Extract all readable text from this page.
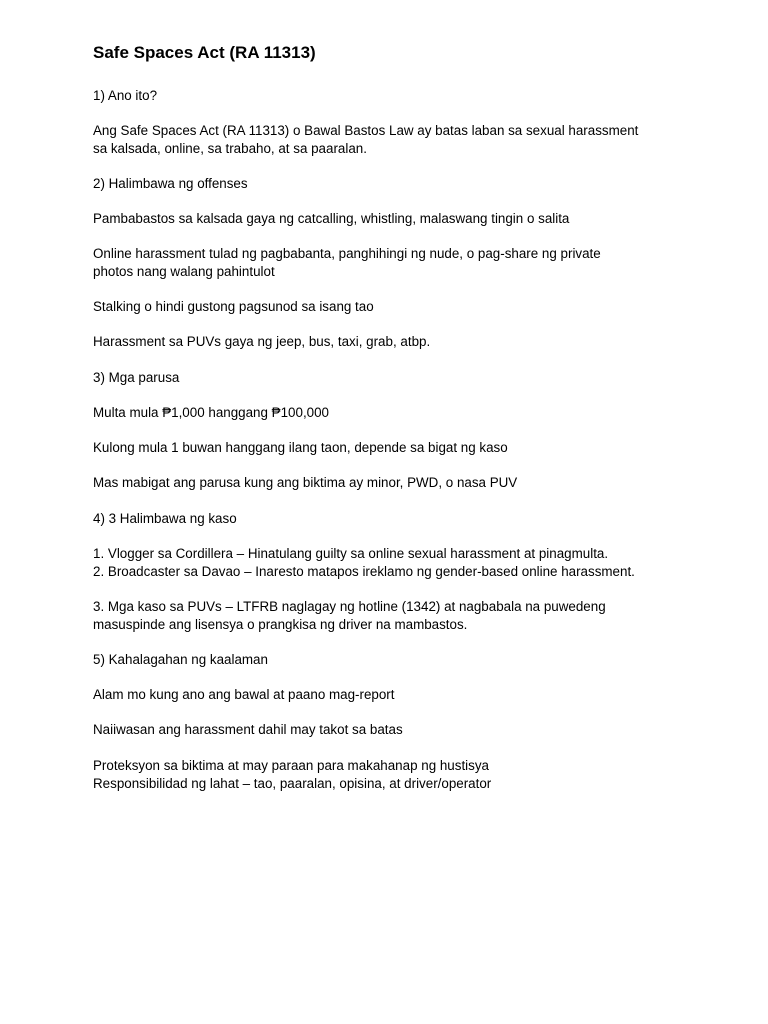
Safe Spaces Act (RA 11313)
1) Ano ito?
Ang Safe Spaces Act (RA 11313) o Bawal Bastos Law ay batas laban sa sexual harassment
sa kalsada, online, sa trabaho, at sa paaralan.
2) Halimbawa ng offenses
Pambabastos sa kalsada gaya ng catcalling, whistling, malaswang tingin o salita
Online harassment tulad ng pagbabanta, panghihingi ng nude, o pag-share ng private
photos nang walang pahintulot
Stalking o hindi gustong pagsunod sa isang tao
Harassment sa PUVs gaya ng jeep, bus, taxi, grab, atbp.
3) Mga parusa
Multa mula ₱1,000 hanggang ₱100,000
Kulong mula 1 buwan hanggang ilang taon, depende sa bigat ng kaso
Mas mabigat ang parusa kung ang biktima ay minor, PWD, o nasa PUV
4) 3 Halimbawa ng kaso
1. Vlogger sa Cordillera – Hinatulang guilty sa online sexual harassment at pinagmulta.
2. Broadcaster sa Davao – Inaresto matapos ireklamo ng gender-based online harassment.
3. Mga kaso sa PUVs – LTFRB naglagay ng hotline (1342) at nagbabala na puwedeng
masuspinde ang lisensya o prangkisa ng driver na mambastos.
5) Kahalagahan ng kaalaman
Alam mo kung ano ang bawal at paano mag-report
Naiiwasan ang harassment dahil may takot sa batas
Proteksyon sa biktima at may paraan para makahanap ng hustisya
Responsibilidad ng lahat – tao, paaralan, opisina, at driver/operator
